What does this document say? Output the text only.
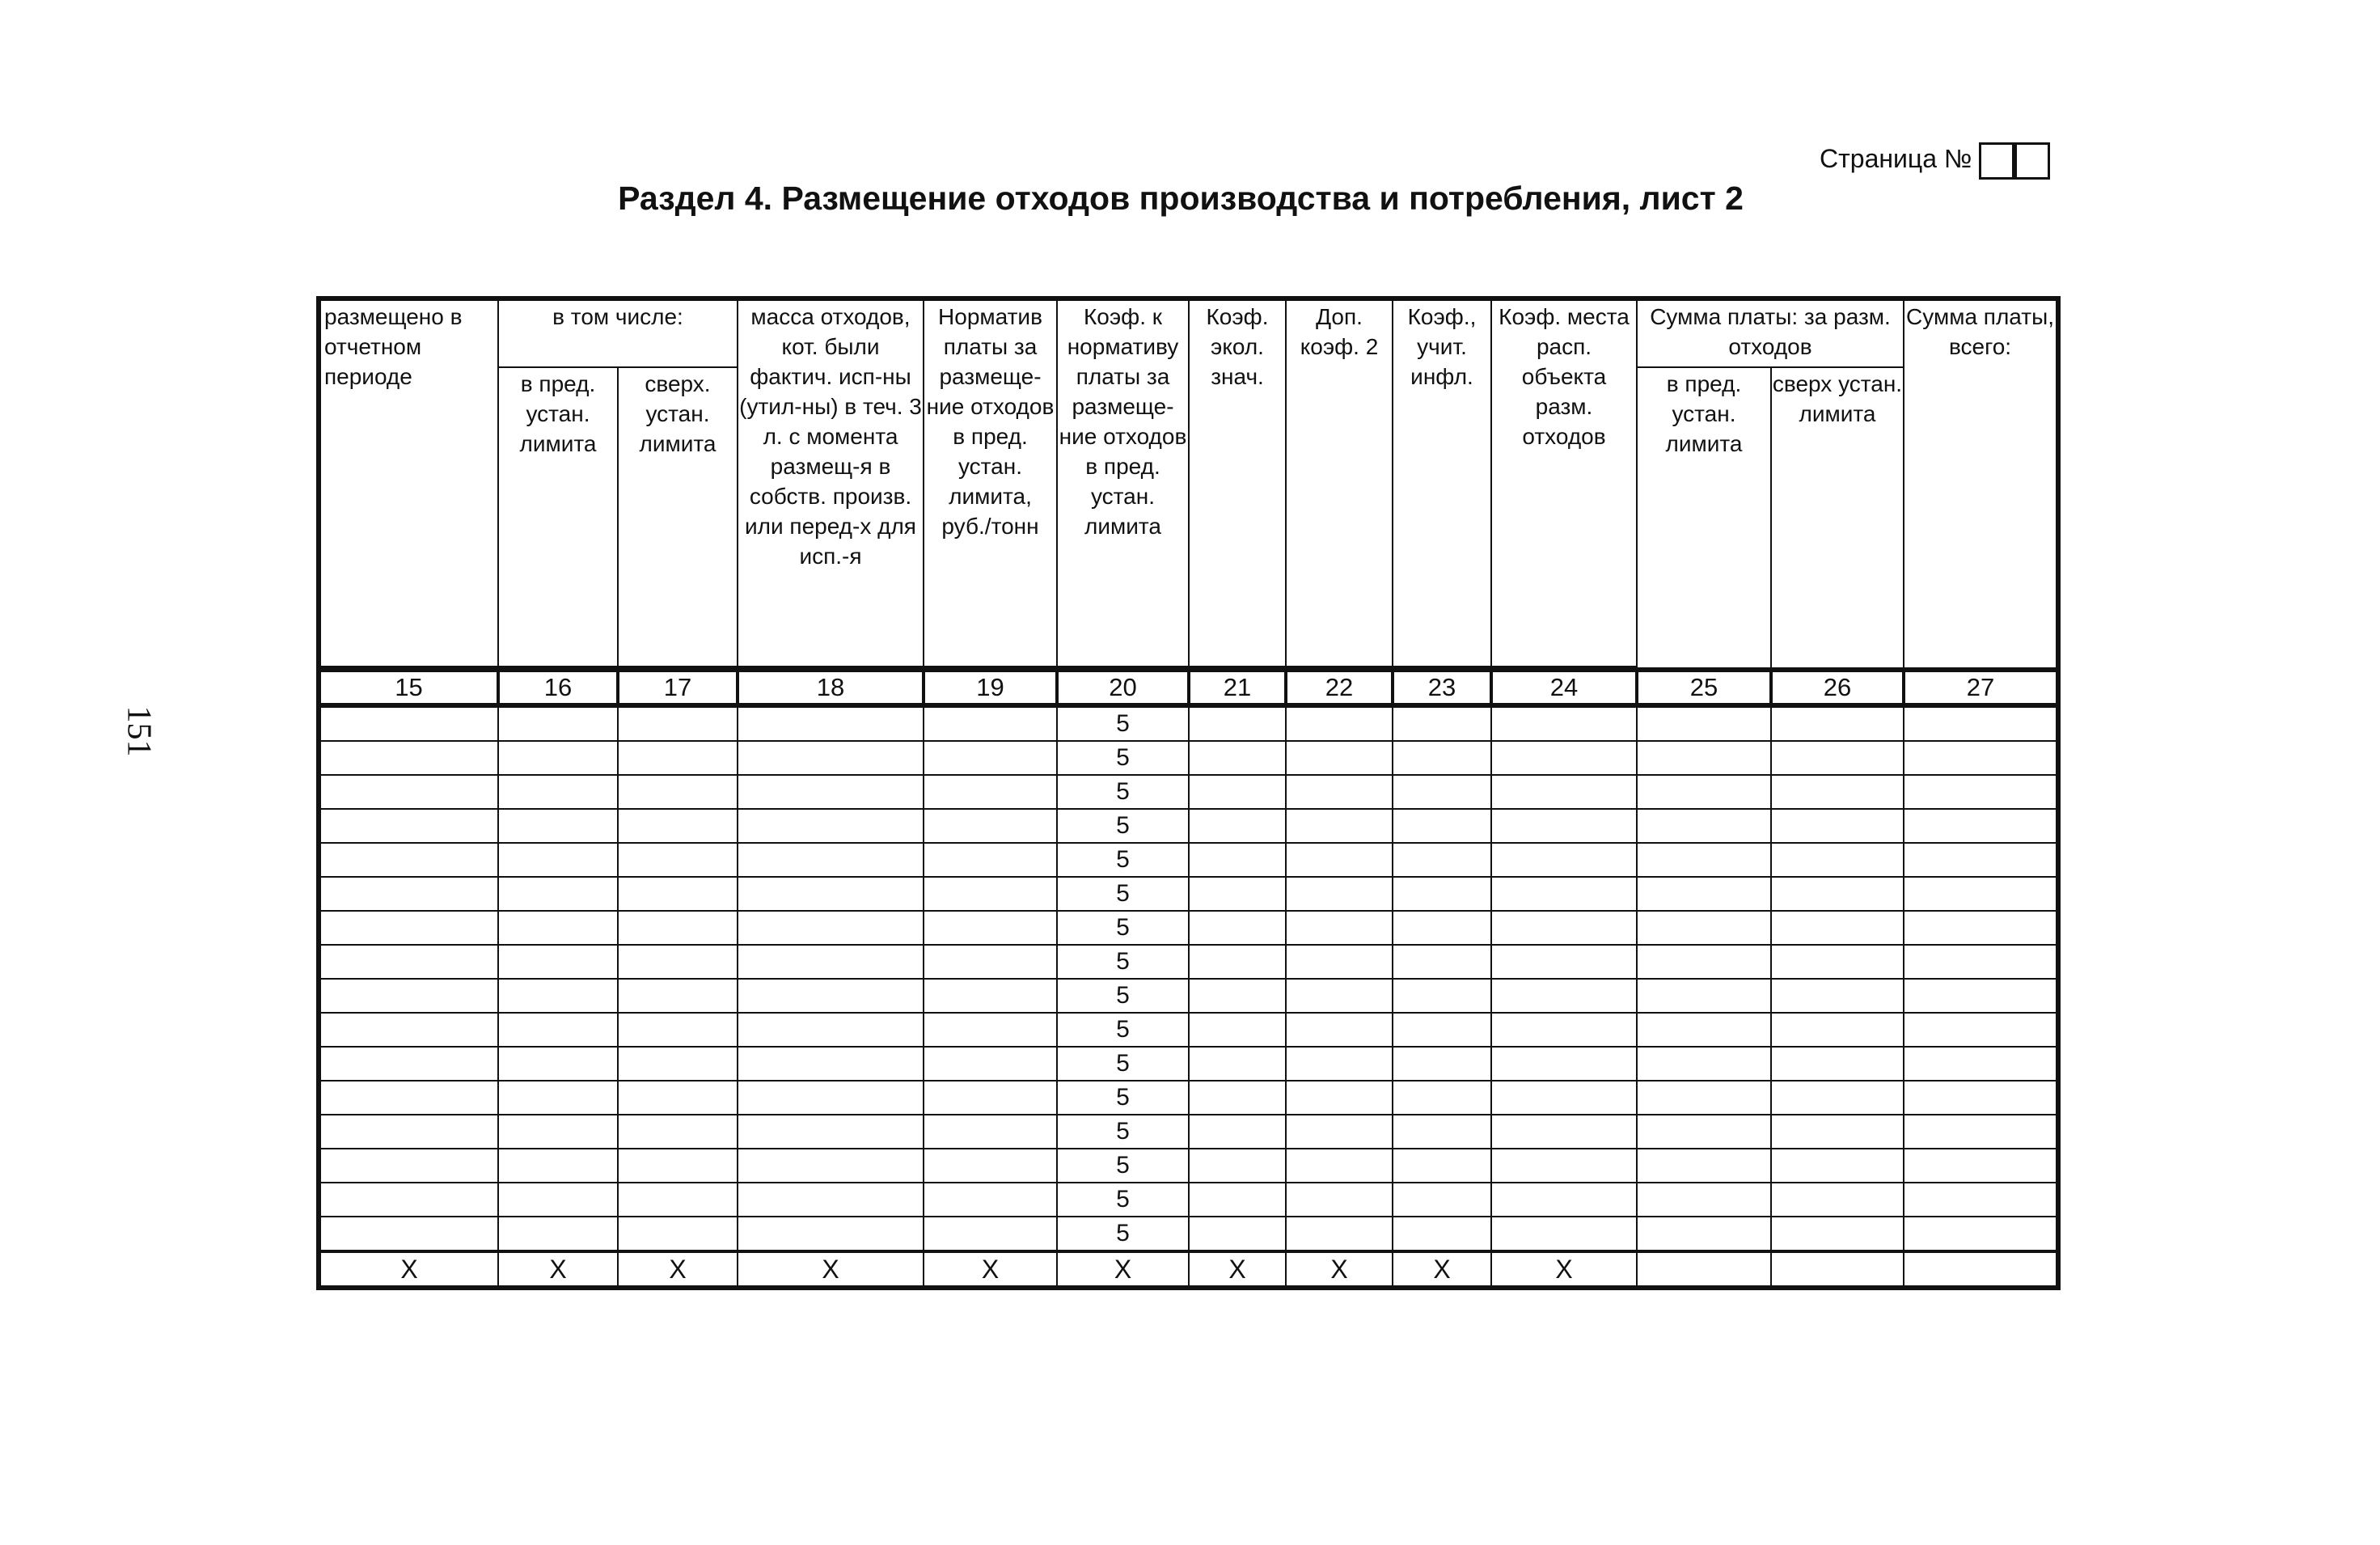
Страница №
Раздел 4. Размещение отходов производства и потребления, лист 2
151
размещено в отчетном периоде	в том числе:		масса отходов, кот. были фактич. исп-ны (утил-ны) в теч. 3 л. с момента размещ-я в собств. произв. или перед-х для исп.-я	Норматив платы за размеще-ние отходов в пред. устан. лимита, руб./тонн	Коэф. к нормативу платы за размеще-ние отходов в пред. устан. лимита	Коэф. экол. знач.	Доп. коэф. 2	Коэф., учит. инфл.	Коэф. места расп. объекта разм. отходов	Сумма платы: за разм. отходов		Сумма платы, всего:
	в пред. устан. лимита	сверх. устан. лимита								в пред. устан. лимита	сверх устан. лимита	

15	16	17	18	19	20	21	22	23	24	25	26	27
					5							
					5							
					5							
					5							
					5							
					5							
					5							
					5							
					5							
					5							
					5							
					5							
					5							
					5							
					5							
					5							
Х	Х	Х	Х	Х	Х	Х	Х	Х	Х			
